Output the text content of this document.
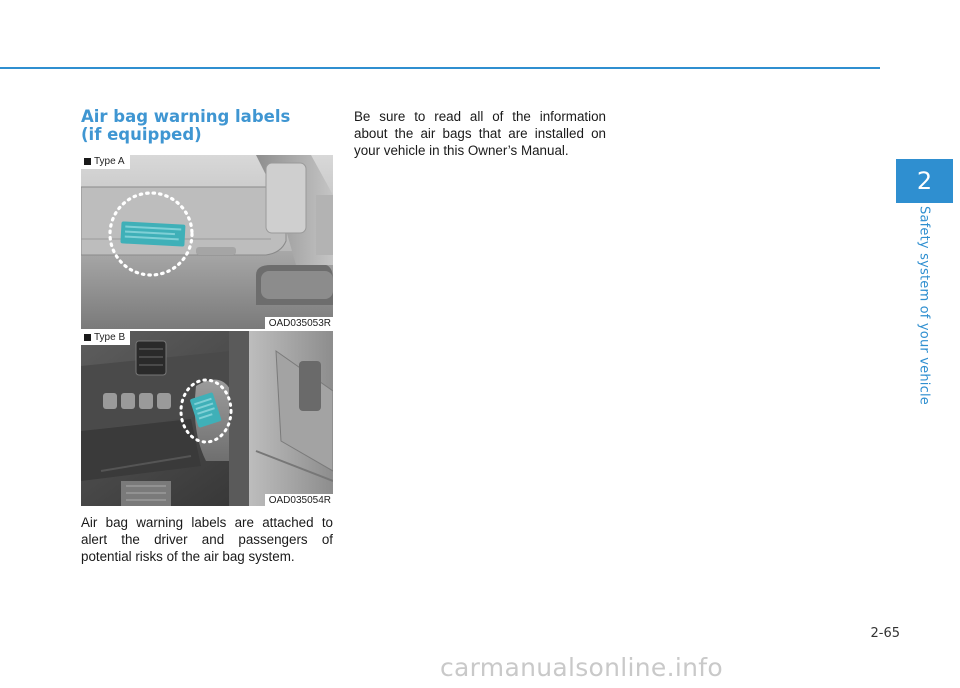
Air bag warning labels
(if equipped)
Type A
OAD035053R
Type B
OAD035054R

Air bag warning labels are attached to alert the driver and passengers of potential risks of the air bag system.

Be sure to read all of the information about the air bags that are installed on your vehicle in this Owner’s Manual.

2
Safety system of your vehicle
2-65
carmanualsonline.info
